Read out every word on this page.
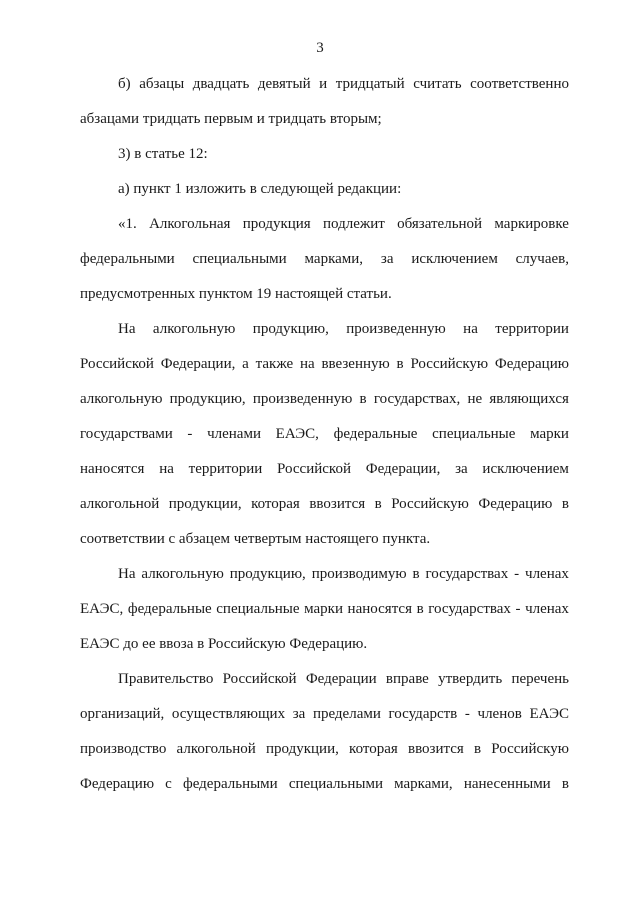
3
б) абзацы двадцать девятый и тридцатый считать соответственно
абзацами тридцать первым и тридцать вторым;
3) в статье 12:
а) пункт 1 изложить в следующей редакции:
«1. Алкогольная продукция подлежит обязательной маркировке
федеральными специальными марками, за исключением случаев,
предусмотренных пунктом 19 настоящей статьи.
На алкогольную продукцию, произведенную на территории
Российской Федерации, а также на ввезенную в Российскую Федерацию
алкогольную продукцию, произведенную в государствах, не являющихся
государствами - членами ЕАЭС, федеральные специальные марки
наносятся на территории Российской Федерации, за исключением
алкогольной продукции, которая ввозится в Российскую Федерацию в
соответствии с абзацем четвертым настоящего пункта.
На алкогольную продукцию, производимую в государствах - членах
ЕАЭС, федеральные специальные марки наносятся в государствах - членах
ЕАЭС до ее ввоза в Российскую Федерацию.
Правительство Российской Федерации вправе утвердить перечень
организаций, осуществляющих за пределами государств - членов ЕАЭС
производство алкогольной продукции, которая ввозится в Российскую
Федерацию с федеральными специальными марками, нанесенными в
